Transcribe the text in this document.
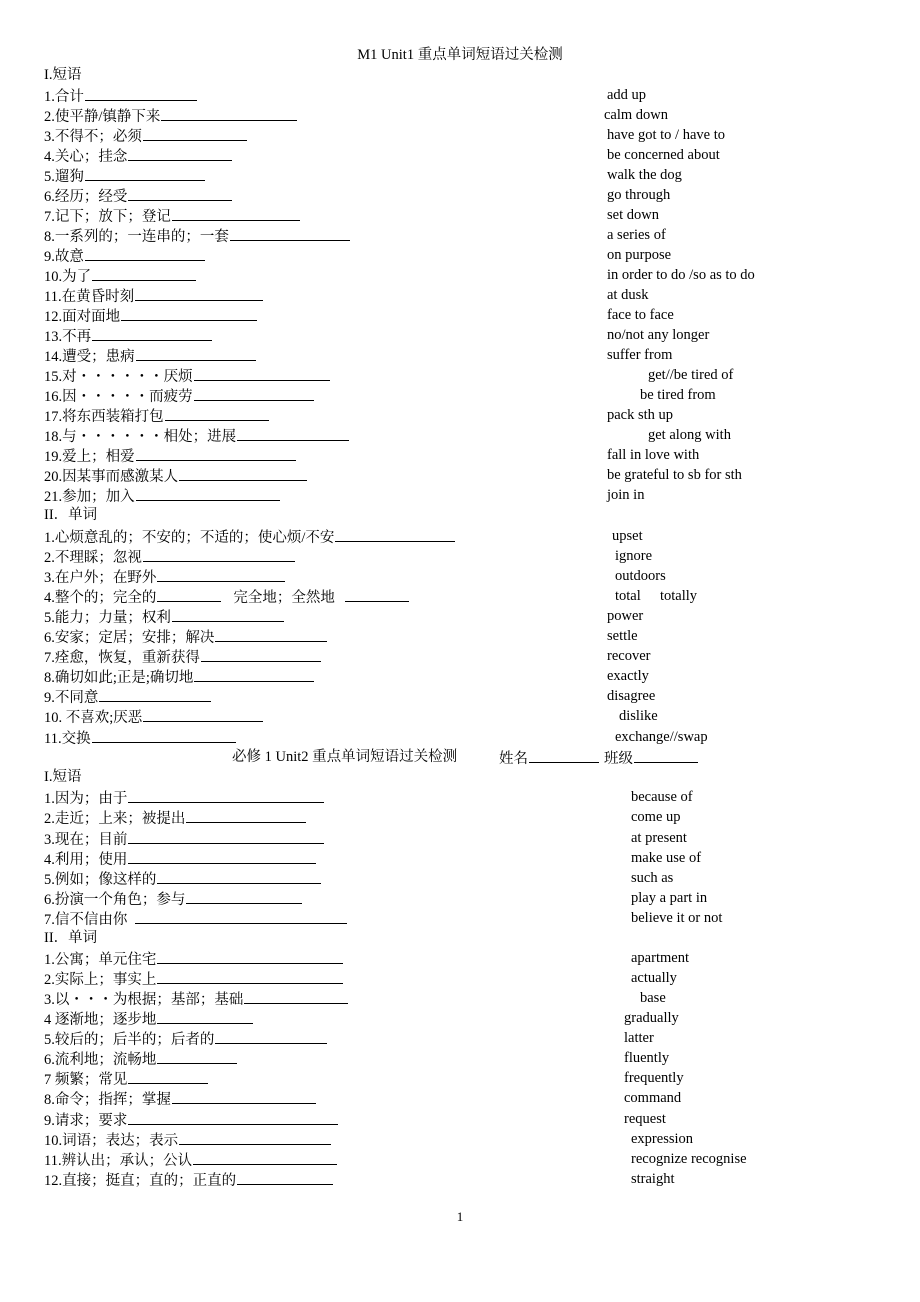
M1 Unit1 重点单词短语过关检测
I.短语
1.合计	add up
2.使平静/镇静下来	calm down
3.不得不；必须	have got to / have to
4.关心；挂念	be concerned about
5.遛狗	walk the dog
6.经历；经受	go through
7.记下；放下；登记	set down
8.一系列的；一连串的；一套	a series of
9.故意	on purpose
10.为了	in order to do /so as to do
11.在黄昏时刻	at dusk
12.面对面地	face to face
13.不再	no/not any longer
14.遭受；患病	suffer from
15.对・・・・・・厌烦	get//be tired of
16.因・・・・・而疲劳	be tired from
17.将东西装箱打包	pack sth up
18.与・・・・・・相处；进展	get along with
19.爱上；相爱	fall in love with
20.因某事而感激某人	be grateful to sb for sth
21.参加；加入	join in
II．单词
1.心烦意乱的；不安的；不适的；使心烦/不安	upset
2.不理睬；忽视	ignore
3.在户外；在野外	outdoors
4.整个的；完全的	完全地；全然地	total totally
5.能力；力量；权利	power
6.安家；定居；安排；解决	settle
7.痊愈，恢复，重新获得	recover
8.确切如此;正是;确切地	exactly
9.不同意	disagree
10. 不喜欢;厌恶	dislike
11.交换	exchange//swap
必修 1 Unit2 重点单词短语过关检测	姓名	班级
I.短语
1.因为；由于	because of
2.走近；上来；被提出	come up
3.现在；目前	at present
4.利用；使用	make use of
5.例如；像这样的	such as
6.扮演一个角色；参与	play a part in
7.信不信由你	believe it or not
II．单词
1.公寓；单元住宅	apartment
2.实际上；事实上	actually
3.以・・・为根据；基部；基础	base
4 逐渐地；逐步地	gradually
5.较后的；后半的；后者的	latter
6.流利地；流畅地	fluently
7 频繁；常见	frequently
8.命令；指挥；掌握	command
9.请求；要求	request
10.词语；表达；表示	expression
11.辨认出；承认；公认	recognize recognise
12.直接；挺直；直的；正直的	straight
1
